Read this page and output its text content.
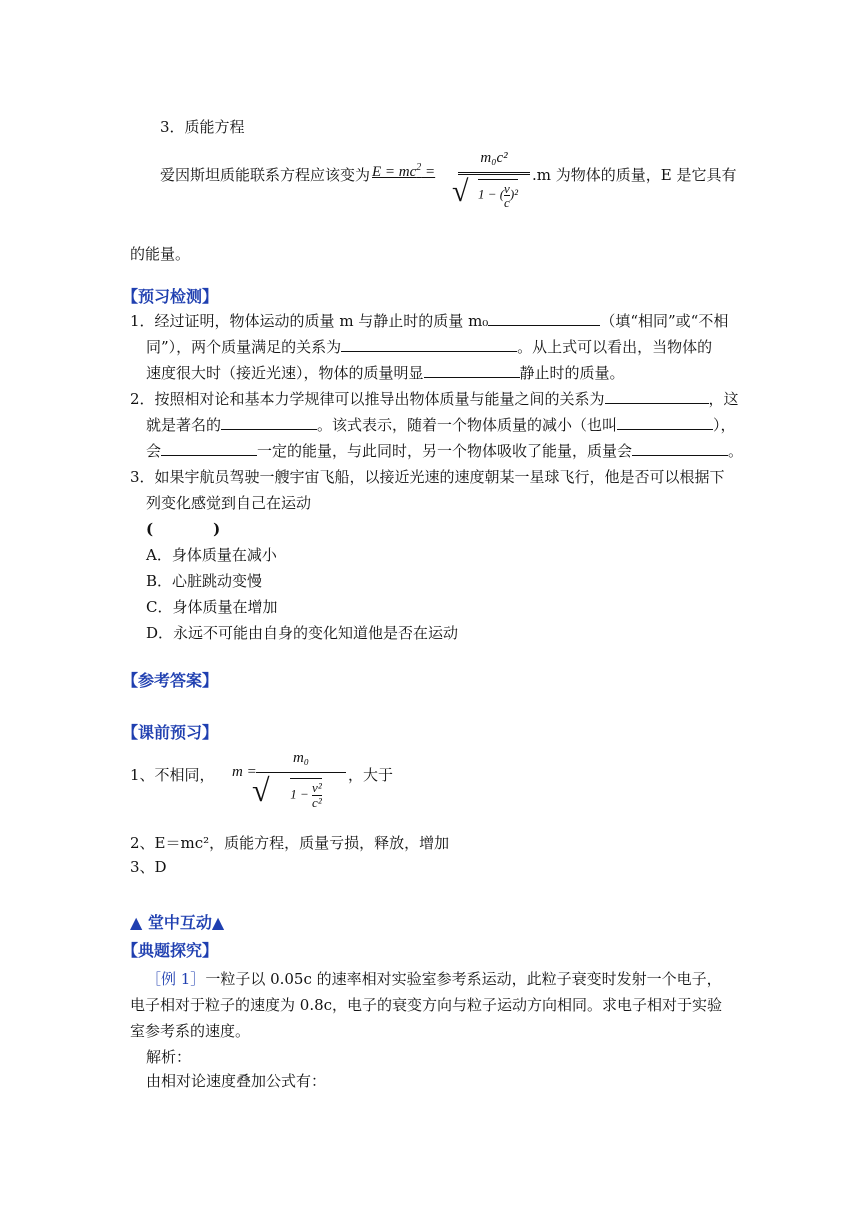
3．质能方程
爱因斯坦质能联系方程应该变为 $E = mc^2$ =
m₀c²
√ 1 − ( $\frac{v}{c} )^2$
.m 为物体的质量，E 是它具有
的能量。
【预习检测】
1．经过证明，物体运动的质量 m 与静止时的质量 m₀	（填“相同”或“不相
同”），两个质量满足的关系为	。从上式可以看出，当物体的
速度很大时（接近光速），物体的质量明显	静止时的质量。
2．按照相对论和基本力学规律可以推导出物体质量与能量之间的关系为	，这
就是著名的	。该式表示，随着一个物体质量的减小（也叫	），
会	一定的能量，与此同时，另一个物体吸收了能量，质量会	。
3．如果宇航员驾驶一艘宇宙飞船，以接近光速的速度朝某一星球飞行，他是否可以根据下
列变化感觉到自己在运动
(　　　　)
A．身体质量在减小
B．心脏跳动变慢
C．身体质量在增加
D．永远不可能由自身的变化知道他是否在运动
【参考答案】
【课前预习】
1、不相同， m =
m₀
√ $1 - \frac{\text{v²}}{\text{c²}}$
，大于
2、E＝mc²，质能方程，质量亏损，释放，增加
3、D
▲ 堂中互动▲
【典题探究】
［例 1］一粒子以 0.05c 的速率相对实验室参考系运动，此粒子衰变时发射一个电子，
电子相对于粒子的速度为 0.8c，电子的衰变方向与粒子运动方向相同。求电子相对于实验
室参考系的速度。
解析：
由相对论速度叠加公式有：
